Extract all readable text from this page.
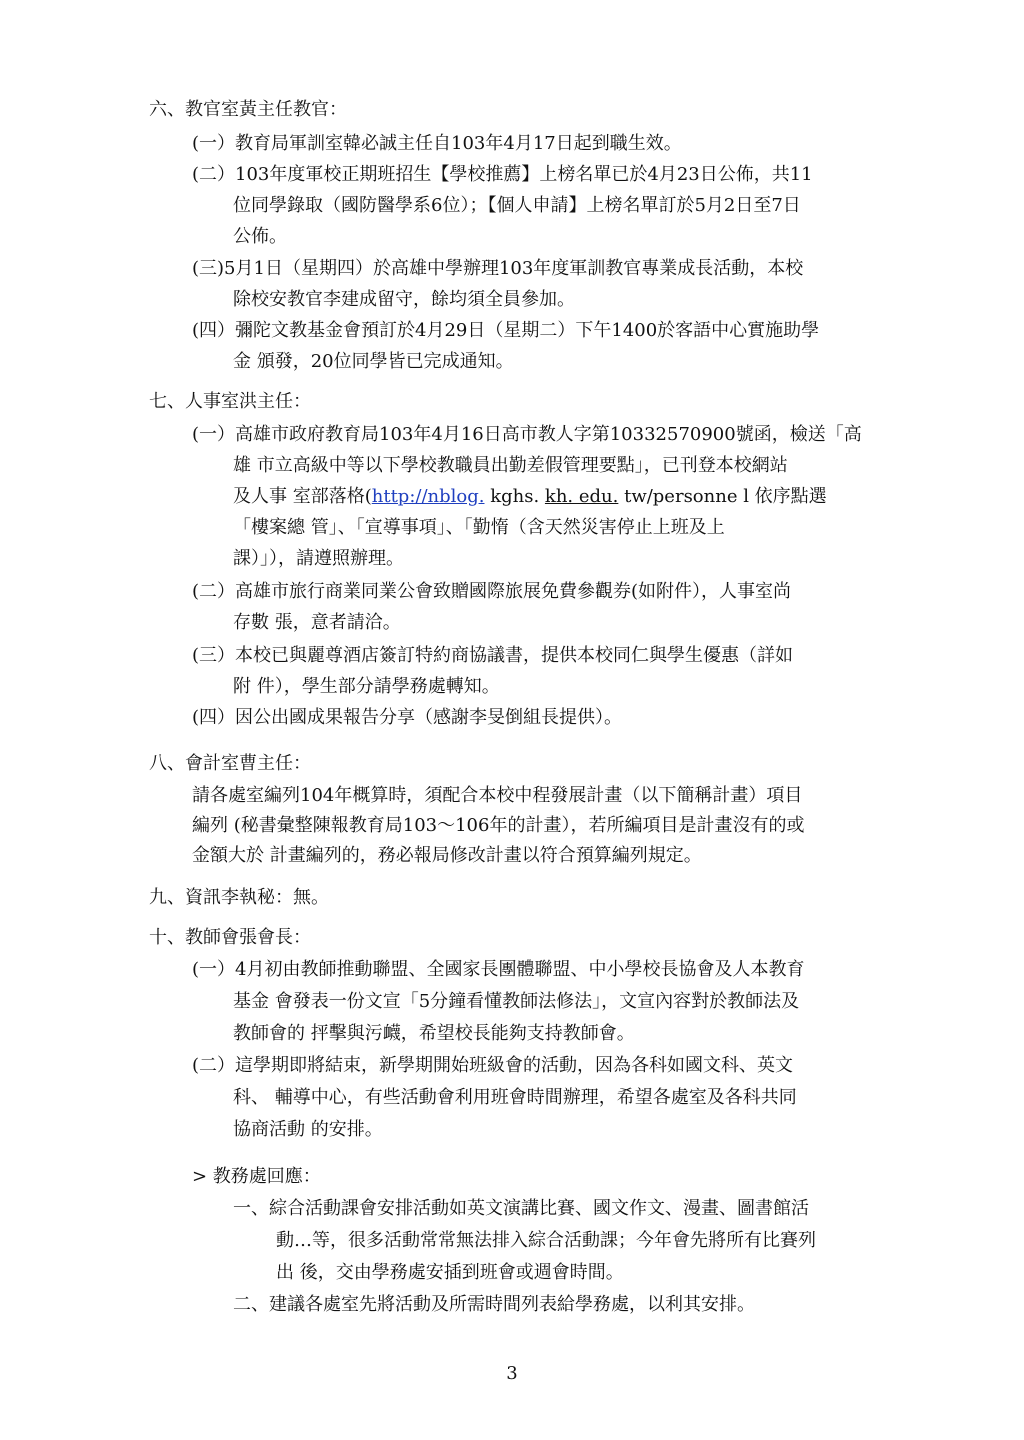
六、教官室黃主任教官：
(一）教育局軍訓室韓必誠主任自103年4月17日起到職生效。
(二）103年度軍校正期班招生【學校推薦】上榜名單已於4月23日公佈，共11
位同學錄取（國防醫學系6位）；【個人申請】上榜名單訂於5月2日至7日
公佈。
(三)5月1日（星期四）於高雄中學辦理103年度軍訓教官專業成長活動，本校
除校安教官李建成留守，餘均須全員參加。
(四）彌陀文教基金會預訂於4月29日（星期二）下午1400於客語中心實施助學
金 頒發，20位同學皆已完成通知。
七、人事室洪主任：
(一）高雄市政府教育局103年4月16日高市教人字第10332570900號函，檢送「高
雄 市立高級中等以下學校教職員出勤差假管理要點」，已刊登本校網站
及人事 室部落格(http://nblog. kghs. kh. edu. tw/personne l 依序點選
「樓案總 管」、「宣導事項」、「勤惰（含天然災害停止上班及上
課）」），請遵照辦理。
(二）高雄市旅行商業同業公會致贈國際旅展免費參觀券(如附件），人事室尚
存數 張，意者請洽。
(三）本校已與麗尊酒店簽訂特約商協議書，提供本校同仁與學生優惠（詳如
附 件），學生部分請學務處轉知。
(四）因公出國成果報告分享（感謝李旻倒組長提供）。
八、會計室曹主任：
請各處室編列104年概算時，須配合本校中程發展計畫（以下簡稱計畫）項目
編列 (秘書彙整陳報教育局103～106年的計畫），若所編項目是計畫沒有的或
金額大於 計畫編列的，務必報局修改計畫以符合預算編列規定。
九、資訊李執秘：無。
十、教師會張會長：
(一）4月初由教師推動聯盟、全國家長團體聯盟、中小學校長協會及人本教育
基金 會發表一份文宣「5分鐘看懂教師法修法」，文宣內容對於教師法及
教師會的 抨擊與污衊，希望校長能夠支持教師會。
(二）這學期即將結束，新學期開始班級會的活動，因為各科如國文科、英文
科、 輔導中心，有些活動會利用班會時間辦理，希望各處室及各科共同
協商活動 的安排。
> 教務處回應：
一、綜合活動課會安排活動如英文演講比賽、國文作文、漫畫、圖書館活
動…等，很多活動常常無法排入綜合活動課；今年會先將所有比賽列
出 後，交由學務處安插到班會或週會時間。
二、建議各處室先將活動及所需時間列表給學務處，以利其安排。
3
